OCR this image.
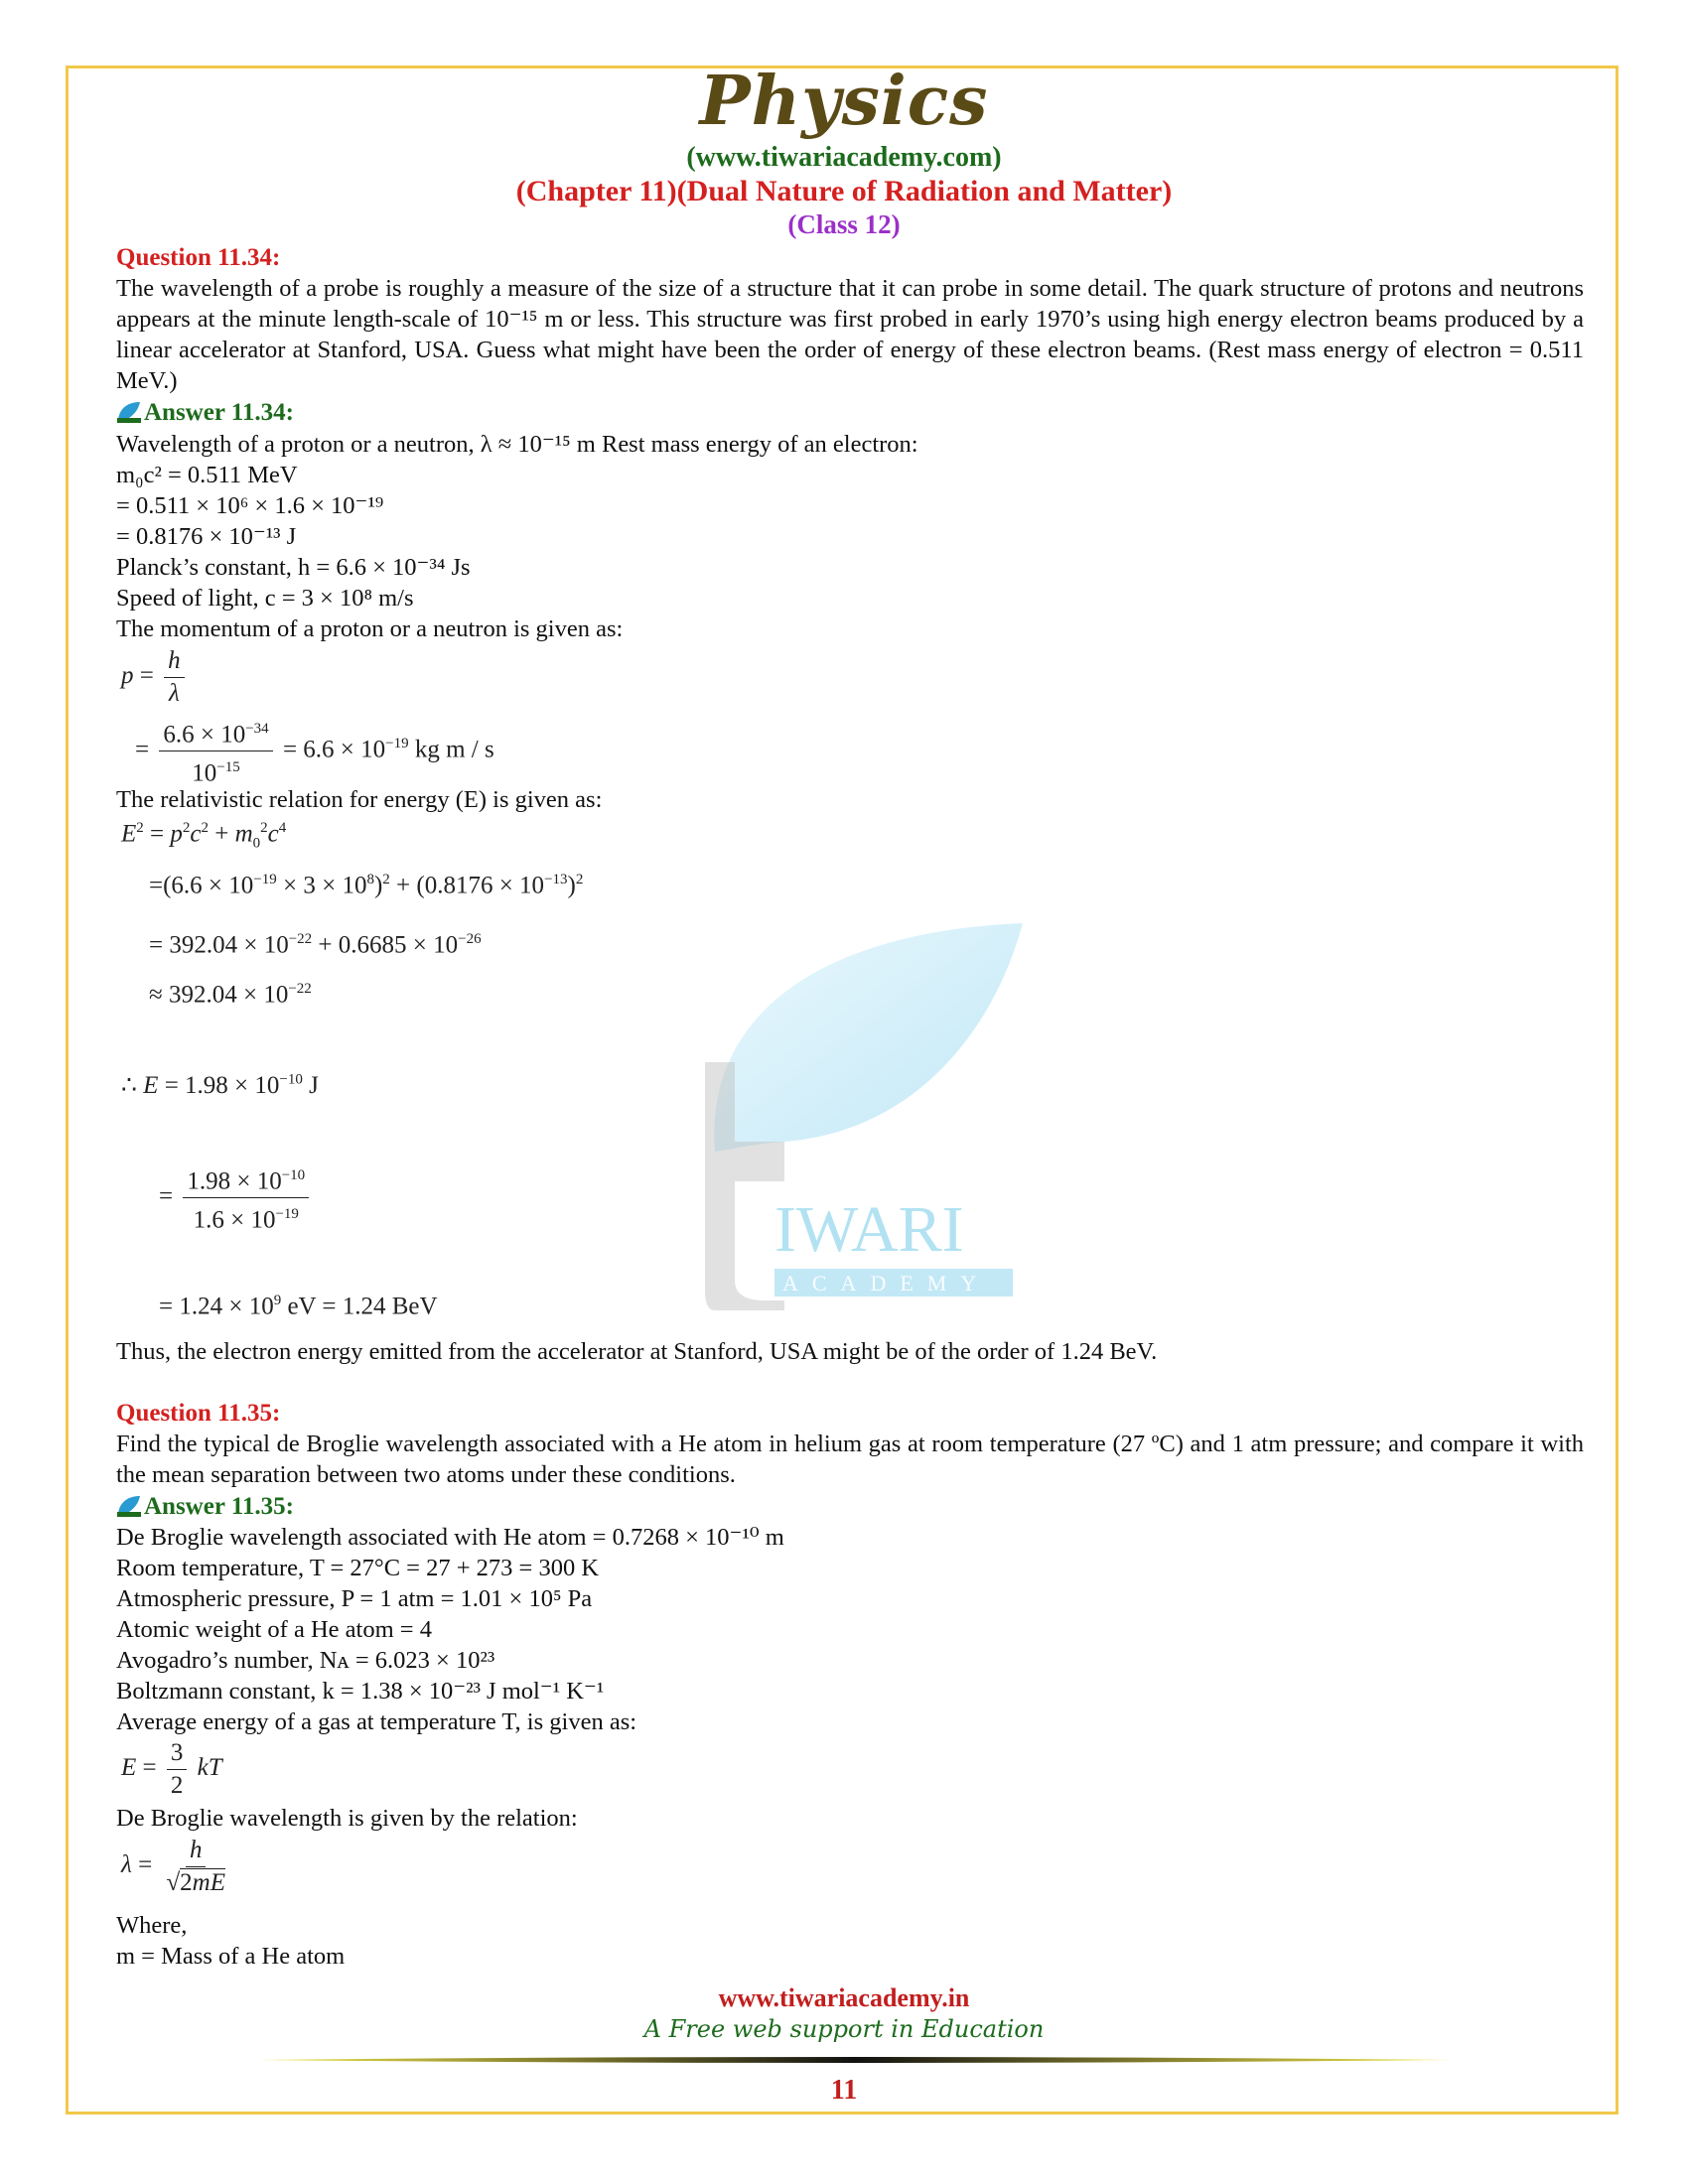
IWARI
ACADEMY
Physics
(www.tiwariacademy.com)
(Chapter 11)(Dual Nature of Radiation and Matter)
(Class 12)
Question 11.34:
The wavelength of a probe is roughly a measure of the size of a structure that it can probe in some detail. The quark structure of protons and neutrons appears at the minute length-scale of 10⁻¹⁵ m or less. This structure was first probed in early 1970’s using high energy electron beams produced by a linear accelerator at Stanford, USA. Guess what might have been the order of energy of these electron beams. (Rest mass energy of electron = 0.511 MeV.)
Answer 11.34:
Wavelength of a proton or a neutron, λ ≈ 10⁻¹⁵ m Rest mass energy of an electron:
m₀c² = 0.511 MeV
= 0.511 × 10⁶ × 1.6 × 10⁻¹⁹
= 0.8176 × 10⁻¹³ J
Planck’s constant, h = 6.6 × 10⁻³⁴ Js
Speed of light, c = 3 × 10⁸ m/s
The momentum of a proton or a neutron is given as:
$p = \frac{h}{\lambda}$
= $\frac{6.6 \times 10^{-34}}{10^{-15}} = 6.6 \times 10^{-19}$ kg m / s
The relativistic relation for energy (E) is given as:
$E^2 = p^2c^2 + m_0^2c^4$
$=(6.6 \times 10^{-19} \times 3 \times 10^8)^2 + (0.8176 \times 10^{-13})^2$
= $392.04 \times 10^{-22} + 0.6685 \times 10^{-26}$
≈ $392.04 \times 10^{-22}$
∴ $E = 1.98 \times 10^{-10}$ J
= $\frac{1.98 \times 10^{-10}}{1.6 \times 10^{-19}}$
= $1.24 \times 10^9$ eV = 1.24 BeV
Thus, the electron energy emitted from the accelerator at Stanford, USA might be of the order of 1.24 BeV.
Question 11.35:
Find the typical de Broglie wavelength associated with a He atom in helium gas at room temperature (27 ºC) and 1 atm pressure; and compare it with the mean separation between two atoms under these conditions.
Answer 11.35:
De Broglie wavelength associated with He atom = 0.7268 × 10⁻¹⁰ m
Room temperature, T = 27°C = 27 + 273 = 300 K
Atmospheric pressure, P = 1 atm = 1.01 × 10⁵ Pa
Atomic weight of a He atom = 4
Avogadro’s number, Nᴀ = 6.023 × 10²³
Boltzmann constant, k = 1.38 × 10⁻²³ J mol⁻¹ K⁻¹
Average energy of a gas at temperature T, is given as:
$E = \frac{3}{2}$ kT
De Broglie wavelength is given by the relation:
$\lambda = \frac{h}{√2mE}$
Where,
m = Mass of a He atom
www.tiwariacademy.in
A Free web support in Education
11
